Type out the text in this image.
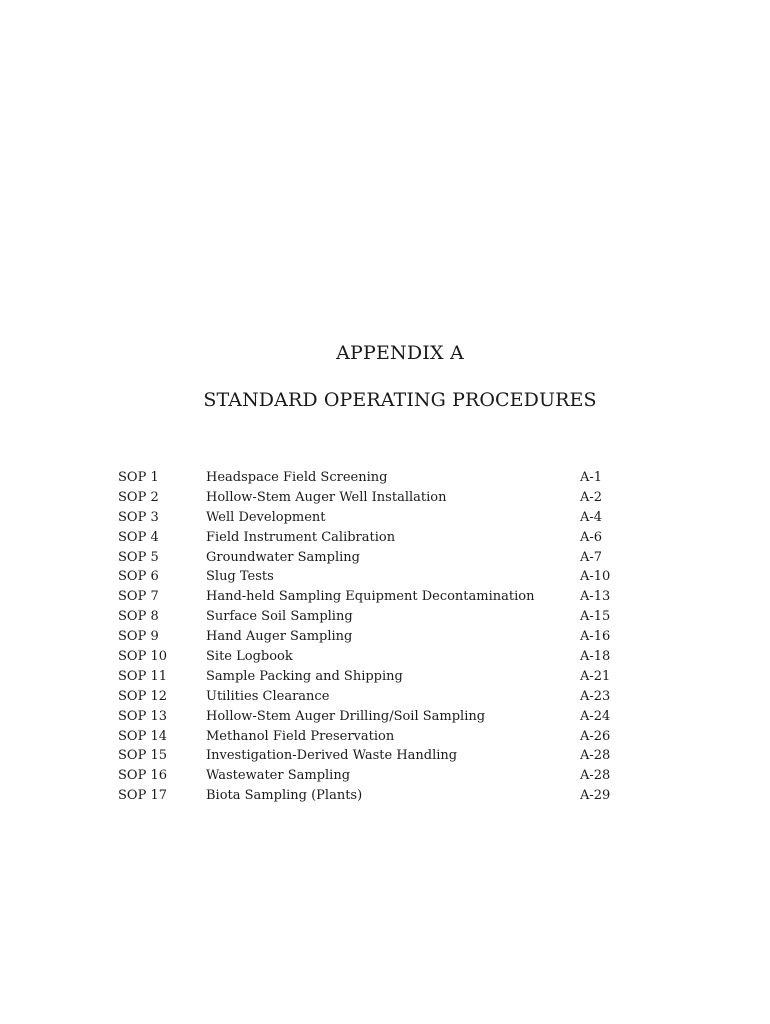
APPENDIX A
STANDARD OPERATING PROCEDURES
SOP 1	Headspace Field Screening	A-1
SOP 2	Hollow-Stem Auger Well Installation	A-2
SOP 3	Well Development	A-4
SOP 4	Field Instrument Calibration	A-6
SOP 5	Groundwater Sampling	A-7
SOP 6	Slug Tests	A-10
SOP 7	Hand-held Sampling Equipment Decontamination	A-13
SOP 8	Surface Soil Sampling	A-15
SOP 9	Hand Auger Sampling	A-16
SOP 10	Site Logbook	A-18
SOP 11	Sample Packing and Shipping	A-21
SOP 12	Utilities Clearance	A-23
SOP 13	Hollow-Stem Auger Drilling/Soil Sampling	A-24
SOP 14	Methanol Field Preservation	A-26
SOP 15	Investigation-Derived Waste Handling	A-28
SOP 16	Wastewater Sampling	A-28
SOP 17	Biota Sampling (Plants)	A-29
